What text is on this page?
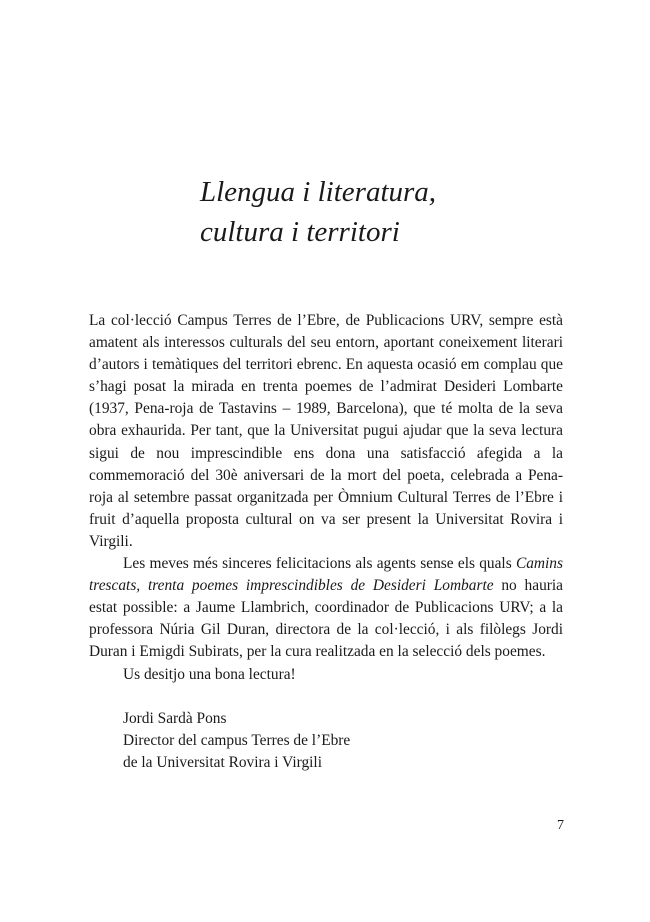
Llengua i literatura,
cultura i territori

La col·lecció Campus Terres de l’Ebre, de Publicacions URV, sempre està amatent als interessos culturals del seu entorn, aportant coneixement literari d’autors i temàtiques del territori ebrenc. En aquesta ocasió em complau que s’hagi posat la mirada en trenta poemes de l’admirat Desideri Lombarte (1937, Pena-roja de Tastavins – 1989, Barcelona), que té molta de la seva obra exhaurida. Per tant, que la Universitat pugui ajudar que la seva lectura sigui de nou imprescindible ens dona una satisfacció afegida a la commemoració del 30è aniversari de la mort del poeta, celebrada a Pena-roja al setembre passat organitzada per Òmnium Cultural Terres de l’Ebre i fruit d’aquella proposta cultural on va ser present la Universitat Rovira i Virgili.

Les meves més sinceres felicitacions als agents sense els quals Camins trescats, trenta poemes imprescindibles de Desideri Lombarte no hauria estat possible: a Jaume Llambrich, coordinador de Publicacions URV; a la professora Núria Gil Duran, directora de la col·lecció, i als filòlegs Jordi Duran i Emigdi Subirats, per la cura realitzada en la selecció dels poemes.

Us desitjo una bona lectura!

Jordi Sardà Pons
Director del campus Terres de l’Ebre
de la Universitat Rovira i Virgili
7
